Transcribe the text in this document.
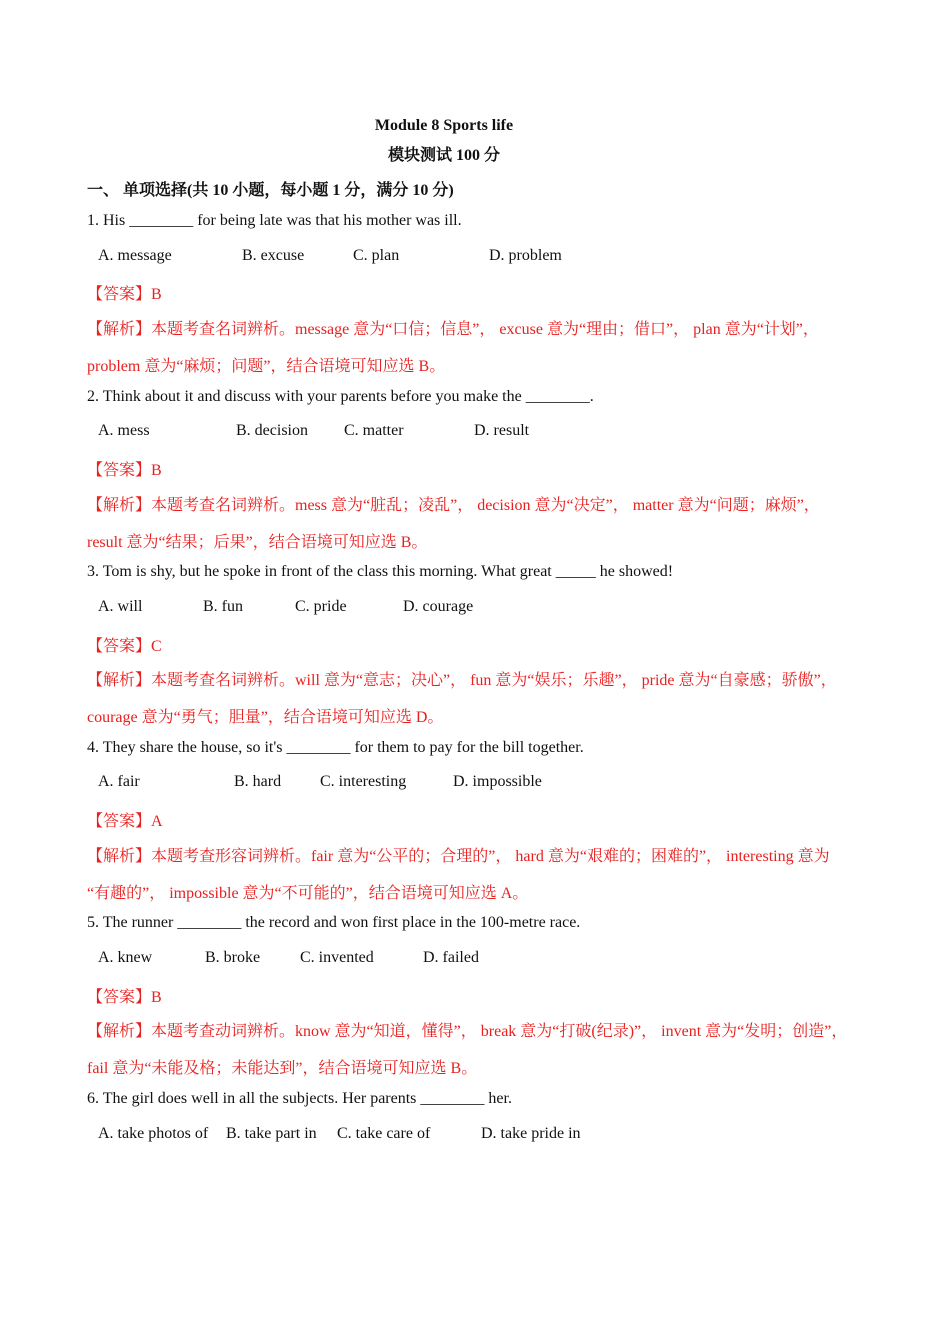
Module 8 Sports life
模块测试 100 分
一、 单项选择(共 10 小题，每小题 1 分，满分 10 分)
1. His ________ for being late was that his mother was ill.
A. message	B. excuse	C. plan	D. problem
【答案】B
【解析】本题考查名词辨析。message 意为“口信；信息”， excuse 意为“理由；借口”， plan 意为“计划”，
problem 意为“麻烦；问题”，结合语境可知应选 B。
2. Think about it and discuss with your parents before you make the ________.
A. mess	B. decision C. matter	D. result
【答案】B
【解析】本题考查名词辨析。mess 意为“脏乱；凌乱”， decision 意为“决定”， matter 意为“问题；麻烦”，
result 意为“结果；后果”，结合语境可知应选 B。
3. Tom is shy, but he spoke in front of the class this morning. What great _____ he showed!
A. will	B. fun	C. pride	D. courage
【答案】C
【解析】本题考查名词辨析。will 意为“意志；决心”， fun 意为“娱乐；乐趣”， pride 意为“自豪感；骄傲”，
courage 意为“勇气；胆量”，结合语境可知应选 D。
4. They share the house, so it's ________ for them to pay for the bill together.
A. fair	B. hard C. interesting	D. impossible
【答案】A
【解析】本题考查形容词辨析。fair 意为“公平的；合理的”， hard 意为“艰难的；困难的”， interesting 意为
“有趣的”， impossible 意为“不可能的”，结合语境可知应选 A。
5. The runner ________ the record and won first place in the 100-metre race.
A. knew	B. broke C. invented	D. failed
【答案】B
【解析】本题考查动词辨析。know 意为“知道，懂得”， break 意为“打破(纪录)”， invent 意为“发明；创造”，
fail 意为“未能及格；未能达到”，结合语境可知应选 B。
6. The girl does well in all the subjects. Her parents ________ her.
A. take photos of B. take part in C. take care of	D. take pride in
